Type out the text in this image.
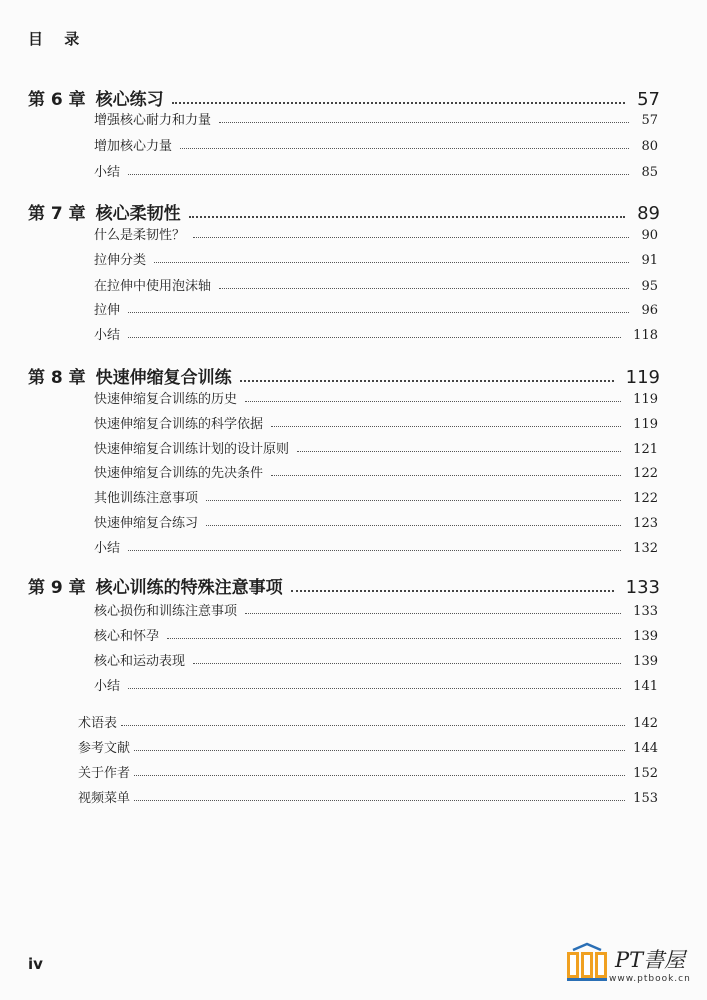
目 录
第 6 章 核心练习	57
增强核心耐力和力量	57
增加核心力量	80
小结	85
第 7 章 核心柔韧性	89
什么是柔韧性？	90
拉伸分类	91
在拉伸中使用泡沫轴	95
拉伸	96
小结	118
第 8 章 快速伸缩复合训练	119
快速伸缩复合训练的历史	119
快速伸缩复合训练的科学依据	119
快速伸缩复合训练计划的设计原则	121
快速伸缩复合训练的先决条件	122
其他训练注意事项	122
快速伸缩复合练习	123
小结	132
第 9 章 核心训练的特殊注意事项	133
核心损伤和训练注意事项	133
核心和怀孕	139
核心和运动表现	139
小结	141
术语表	142
参考文献	144
关于作者	152
视频菜单	153
iv	PT書屋
www.ptbook.cn
